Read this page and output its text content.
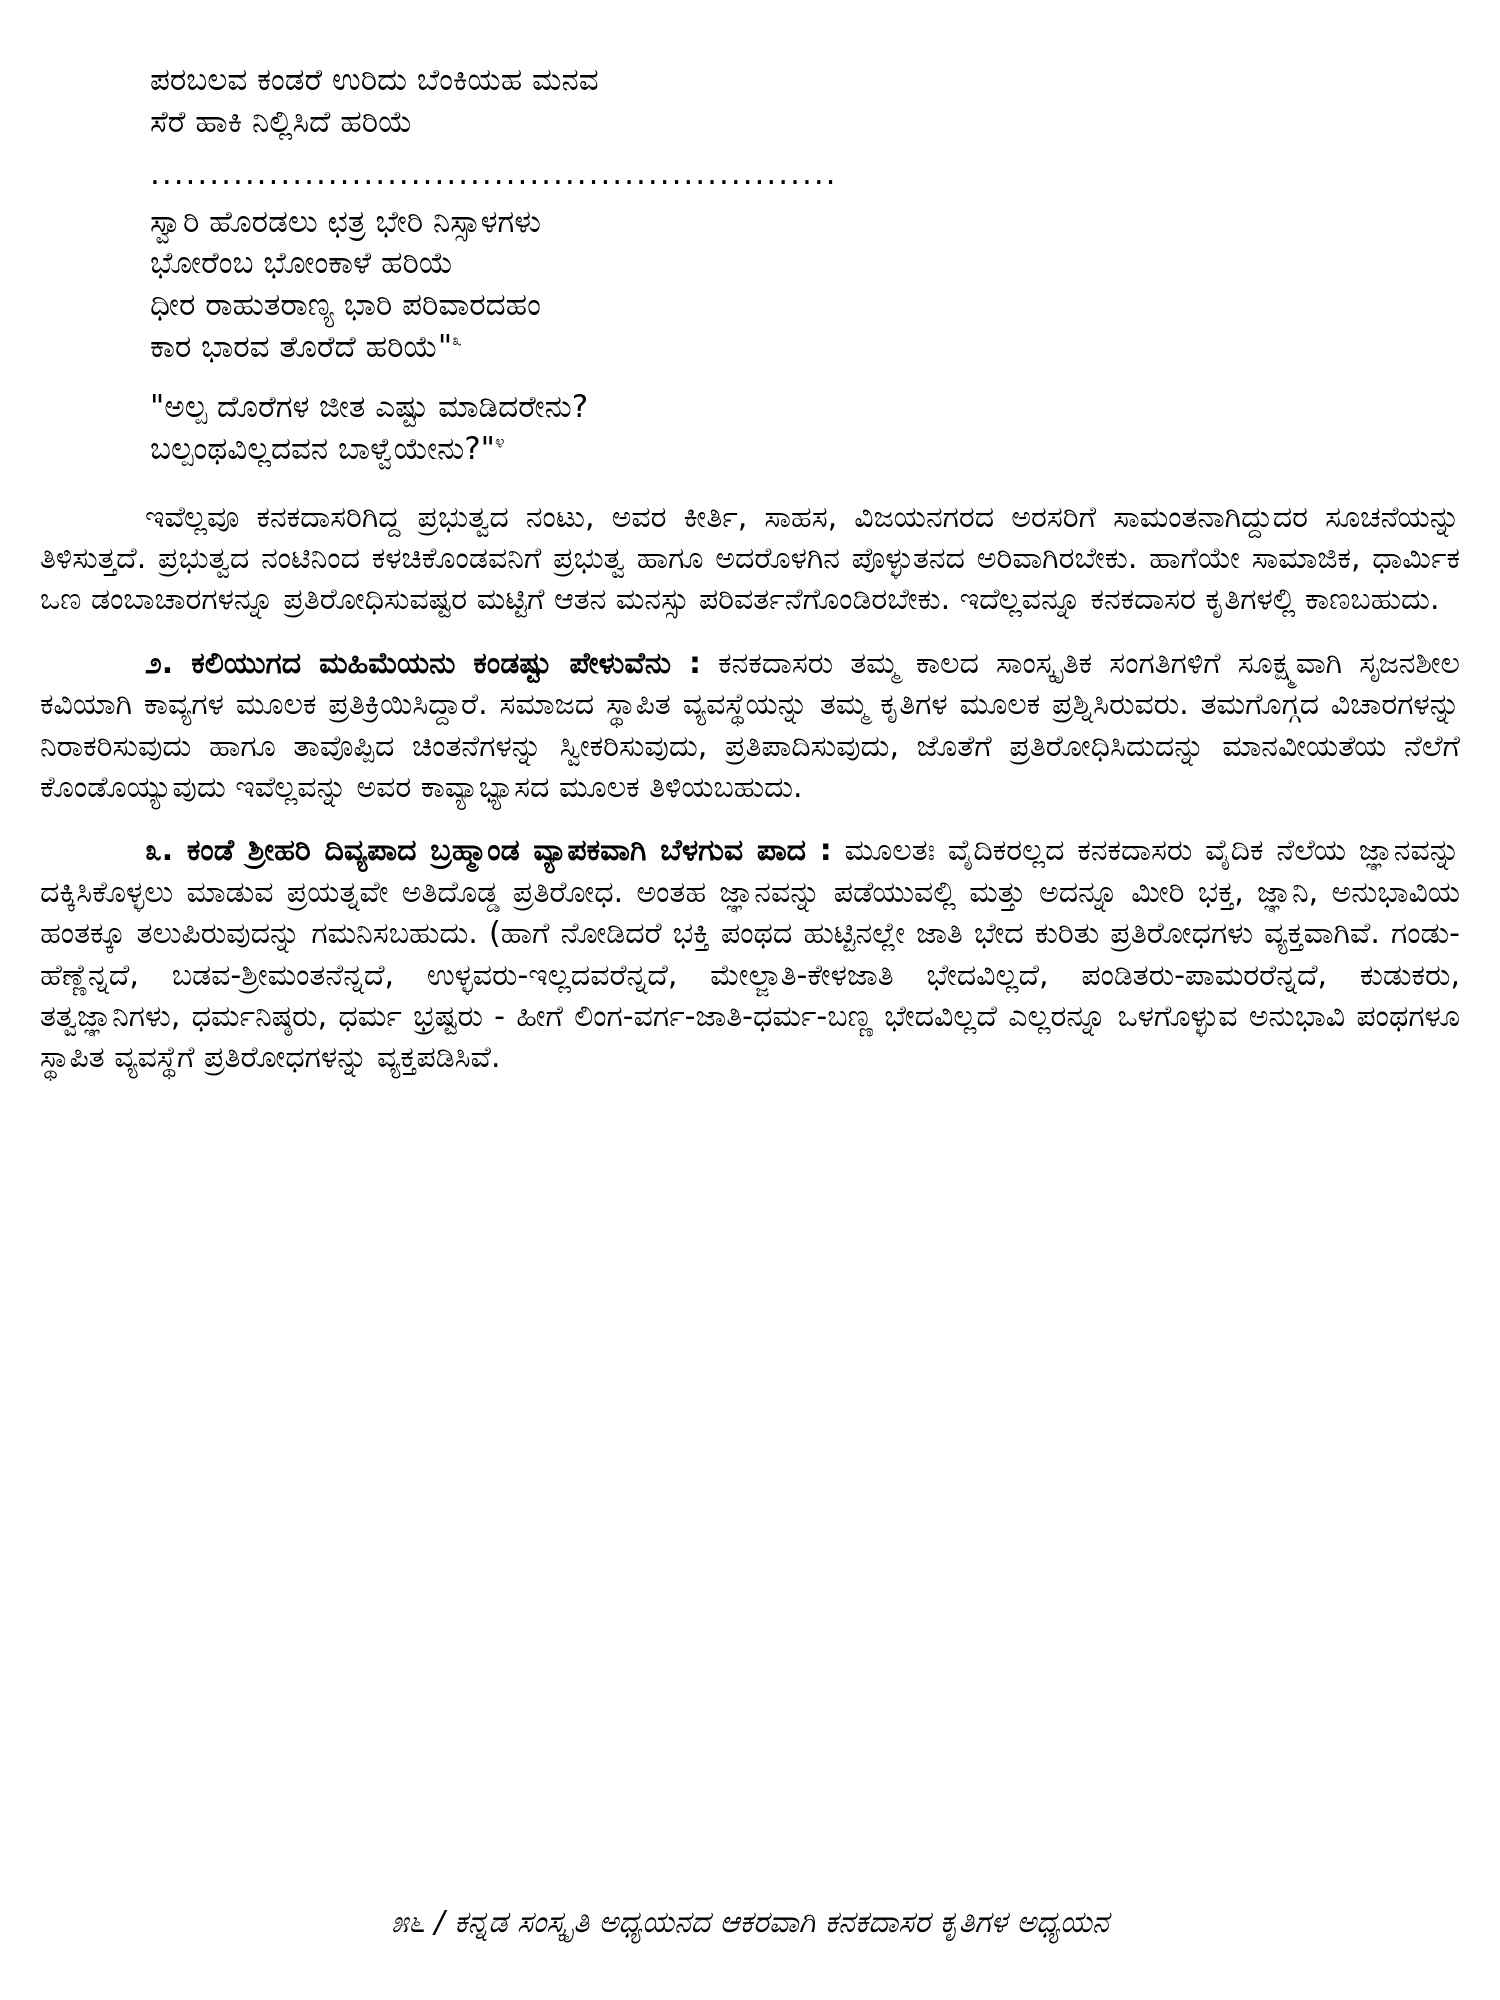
ಪರಬಲವ ಕಂಡರೆ ಉರಿದು ಬೆಂಕಿಯಹ ಮನವ
ಸೆರೆ ಹಾಕಿ ನಿಲ್ಲಿಸಿದೆ ಹರಿಯೆ
..........................................................
ಸ್ವಾರಿ ಹೊರಡಲು ಛತ್ರ ಭೇರಿ ನಿಸ್ಸಾಳಗಳು
ಭೋರೆಂಬ ಭೋಂಕಾಳೆ ಹರಿಯೆ
ಧೀರ ರಾಹುತರಾಣ್ಯ ಭಾರಿ ಪರಿವಾರದಹಂ
ಕಾರ ಭಾರವ ತೊರೆದೆ ಹರಿಯೆ"$^೩$
"ಅಲ್ಪ ದೊರೆಗಳ ಜೀತ ಎಷ್ಟು ಮಾಡಿದರೇನು?
ಬಲ್ಪಂಥವಿಲ್ಲದವನ ಬಾಳ್ವೆಯೇನು?"$^೪$

ಇವೆಲ್ಲವೂ ಕನಕದಾಸರಿಗಿದ್ದ ಪ್ರಭುತ್ವದ ನಂಟು, ಅವರ ಕೀರ್ತಿ, ಸಾಹಸ, ವಿಜಯನಗರದ ಅರಸರಿಗೆ ಸಾಮಂತನಾಗಿದ್ದುದರ ಸೂಚನೆಯನ್ನು ತಿಳಿಸುತ್ತದೆ. ಪ್ರಭುತ್ವದ ನಂಟಿನಿಂದ ಕಳಚಿಕೊಂಡವನಿಗೆ ಪ್ರಭುತ್ವ ಹಾಗೂ ಅದರೊಳಗಿನ ಪೊಳ್ಳುತನದ ಅರಿವಾಗಿರಬೇಕು. ಹಾಗೆಯೇ ಸಾಮಾಜಿಕ, ಧಾರ್ಮಿಕ ಒಣ ಡಂಬಾಚಾರಗಳನ್ನೂ ಪ್ರತಿರೋಧಿಸುವಷ್ಟರ ಮಟ್ಟಿಗೆ ಆತನ ಮನಸ್ಸು ಪರಿವರ್ತನೆಗೊಂಡಿರಬೇಕು. ಇದೆಲ್ಲವನ್ನೂ ಕನಕದಾಸರ ಕೃತಿಗಳಲ್ಲಿ ಕಾಣಬಹುದು.

೨. ಕಲಿಯುಗದ ಮಹಿಮೆಯನು ಕಂಡಷ್ಟು ಪೇಳುವೆನು : ಕನಕದಾಸರು ತಮ್ಮ ಕಾಲದ ಸಾಂಸ್ಕೃತಿಕ ಸಂಗತಿಗಳಿಗೆ ಸೂಕ್ಷ್ಮವಾಗಿ ಸೃಜನಶೀಲ ಕವಿಯಾಗಿ ಕಾವ್ಯಗಳ ಮೂಲಕ ಪ್ರತಿಕ್ರಿಯಿಸಿದ್ದಾರೆ. ಸಮಾಜದ ಸ್ಥಾಪಿತ ವ್ಯವಸ್ಥೆಯನ್ನು ತಮ್ಮ ಕೃತಿಗಳ ಮೂಲಕ ಪ್ರಶ್ನಿಸಿರುವರು. ತಮಗೊಗ್ಗದ ವಿಚಾರಗಳನ್ನು ನಿರಾಕರಿಸುವುದು ಹಾಗೂ ತಾವೊಪ್ಪಿದ ಚಿಂತನೆಗಳನ್ನು ಸ್ವೀಕರಿಸುವುದು, ಪ್ರತಿಪಾದಿಸುವುದು, ಜೊತೆಗೆ ಪ್ರತಿರೋಧಿಸಿದುದನ್ನು ಮಾನವೀಯತೆಯ ನೆಲೆಗೆ ಕೊಂಡೊಯ್ಯುವುದು ಇವೆಲ್ಲವನ್ನು ಅವರ ಕಾವ್ಯಾಭ್ಯಾಸದ ಮೂಲಕ ತಿಳಿಯಬಹುದು.

೩. ಕಂಡೆ ಶ್ರೀಹರಿ ದಿವ್ಯಪಾದ ಬ್ರಹ್ಮಾಂಡ ವ್ಯಾಪಕವಾಗಿ ಬೆಳಗುವ ಪಾದ : ಮೂಲತಃ ವೈದಿಕರಲ್ಲದ ಕನಕದಾಸರು ವೈದಿಕ ನೆಲೆಯ ಜ್ಞಾನವನ್ನು ದಕ್ಕಿಸಿಕೊಳ್ಳಲು ಮಾಡುವ ಪ್ರಯತ್ನವೇ ಅತಿದೊಡ್ಡ ಪ್ರತಿರೋಧ. ಅಂತಹ ಜ್ಞಾನವನ್ನು ಪಡೆಯುವಲ್ಲಿ ಮತ್ತು ಅದನ್ನೂ ಮೀರಿ ಭಕ್ತ, ಜ್ಞಾನಿ, ಅನುಭಾವಿಯ ಹಂತಕ್ಕೂ ತಲುಪಿರುವುದನ್ನು ಗಮನಿಸಬಹುದು. (ಹಾಗೆ ನೋಡಿದರೆ ಭಕ್ತಿ ಪಂಥದ ಹುಟ್ಟಿನಲ್ಲೇ ಜಾತಿ ಭೇದ ಕುರಿತು ಪ್ರತಿರೋಧಗಳು ವ್ಯಕ್ತವಾಗಿವೆ. ಗಂಡು-ಹೆಣ್ಣೆನ್ನದೆ, ಬಡವ-ಶ್ರೀಮಂತನೆನ್ನದೆ, ಉಳ್ಳವರು-ಇಲ್ಲದವರೆನ್ನದೆ, ಮೇಲ್ಜಾತಿ-ಕೇಳಜಾತಿ ಭೇದವಿಲ್ಲದೆ, ಪಂಡಿತರು-ಪಾಮರರೆನ್ನದೆ, ಕುಡುಕರು, ತತ್ವಜ್ಞಾನಿಗಳು, ಧರ್ಮನಿಷ್ಠರು, ಧರ್ಮ ಭ್ರಷ್ಟರು - ಹೀಗೆ ಲಿಂಗ-ವರ್ಗ-ಜಾತಿ-ಧರ್ಮ-ಬಣ್ಣ ಭೇದವಿಲ್ಲದೆ ಎಲ್ಲರನ್ನೂ ಒಳಗೊಳ್ಳುವ ಅನುಭಾವಿ ಪಂಥಗಳೂ ಸ್ಥಾಪಿತ ವ್ಯವಸ್ಥೆಗೆ ಪ್ರತಿರೋಧಗಳನ್ನು ವ್ಯಕ್ತಪಡಿಸಿವೆ.

೫೬ / ಕನ್ನಡ ಸಂಸ್ಕೃತಿ ಅಧ್ಯಯನದ ಆಕರವಾಗಿ ಕನಕದಾಸರ ಕೃತಿಗಳ ಅಧ್ಯಯನ
